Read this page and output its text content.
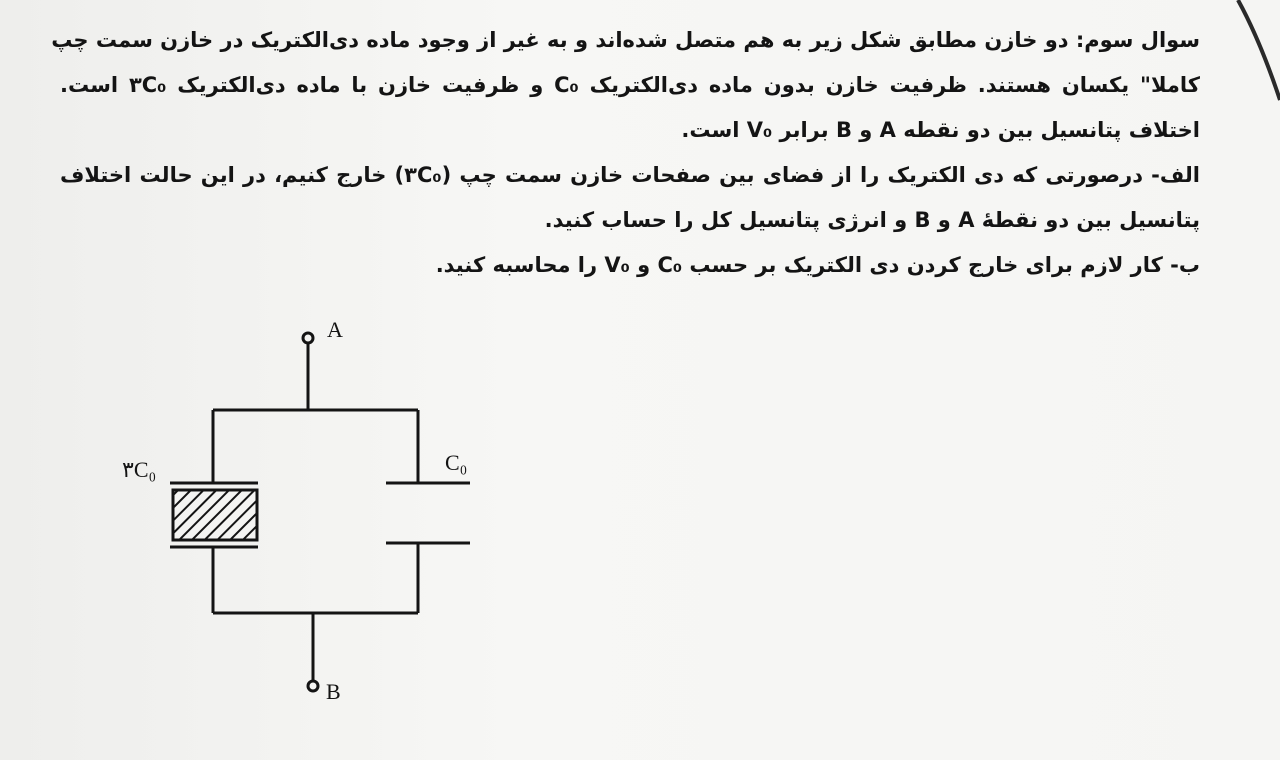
سوال سوم: دو خازن مطابق شکل زیر به هم متصل شده‌اند و به غیر از وجود ماده دی‌الکتریک در خازن سمت چپ
کاملا" یکسان هستند. ظرفیت خازن بدون ماده دی‌الکتریک C₀ و ظرفیت خازن با ماده دی‌الکتریک ۳C₀ است.
اختلاف پتانسیل بین دو نقطه A و B برابر V₀ است.
الف- درصورتی که دی الکتریک را از فضای بین صفحات خازن سمت چپ (۳C₀) خارج کنیم، در این حالت اختلاف
پتانسیل بین دو نقطهٔ A و B و انرژی پتانسیل کل را حساب کنید.
ب- کار لازم برای خارج کردن دی الکتریک بر حسب C₀ و V₀ را محاسبه کنید.
A
۳C₀	C₀
B
